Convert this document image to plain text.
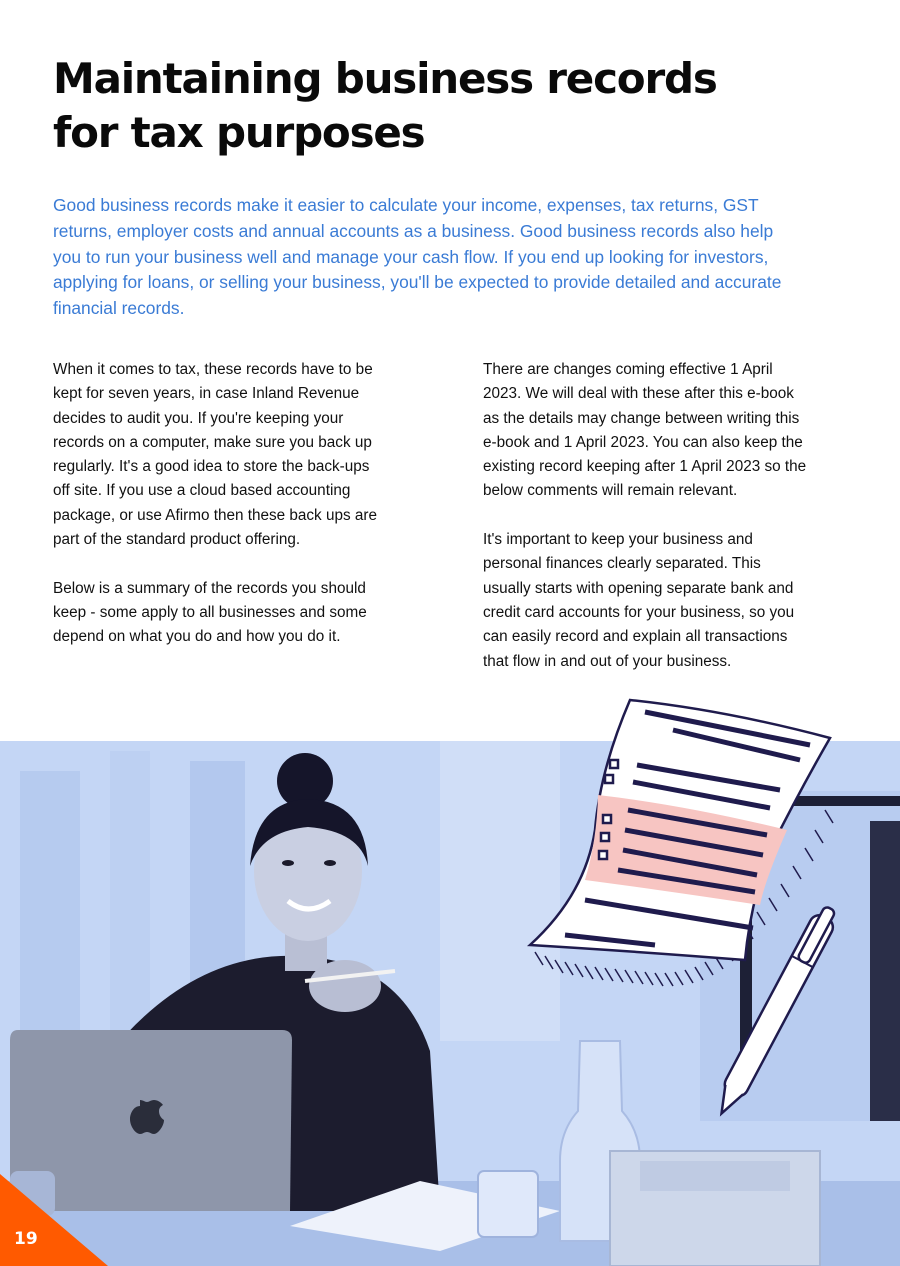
Maintaining business records
for tax purposes
Good business records make it easier to calculate your income, expenses, tax returns, GST
returns, employer costs and annual accounts as a business. Good business records also help
you to run your business well and manage your cash flow. If you end up looking for investors,
applying for loans, or selling your business, you'll be expected to provide detailed and accurate
financial records.

When it comes to tax, these records have to be
kept for seven years, in case Inland Revenue
decides to audit you. If you're keeping your
records on a computer, make sure you back up
regularly. It's a good idea to store the back-ups
off site. If you use a cloud based accounting
package, or use Afirmo then these back ups are
part of the standard product offering.

Below is a summary of the records you should
keep - some apply to all businesses and some
depend on what you do and how you do it.

There are changes coming effective 1 April
2023. We will deal with these after this e-book
as the details may change between writing this
e-book and 1 April 2023. You can also keep the
existing record keeping after 1 April 2023 so the
below comments will remain relevant.

It's important to keep your business and
personal finances clearly separated. This
usually starts with opening separate bank and
credit card accounts for your business, so you
can easily record and explain all transactions
that flow in and out of your business.

19
